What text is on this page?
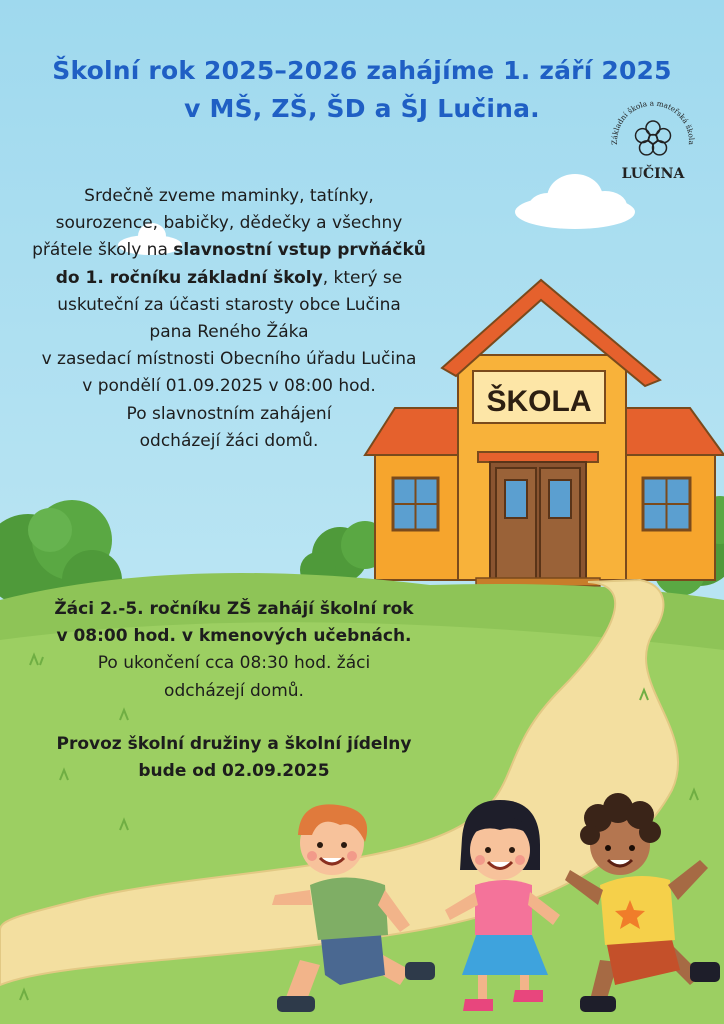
ŠKOLA
Školní rok 2025–2026 zahájíme 1. září 2025
v MŠ, ZŠ, ŠD a ŠJ Lučina.
Základní škola a mateřská škola
LUČINA
Srdečně zveme maminky, tatínky,
sourozence, babičky, dědečky a všechny
přátele školy na slavnostní vstup prvňáčků
do 1. ročníku základní školy, který se
uskuteční za účasti starosty obce Lučina
pana Reného Žáka
v zasedací místnosti Obecního úřadu Lučina
v pondělí 01.09.2025 v 08:00 hod.
Po slavnostním zahájení
odcházejí žáci domů.
Žáci 2.-5. ročníku ZŠ zahájí školní rok
v 08:00 hod. v kmenových učebnách.
Po ukončení cca 08:30 hod. žáci
odcházejí domů.
Provoz školní družiny a školní jídelny
bude od 02.09.2025
